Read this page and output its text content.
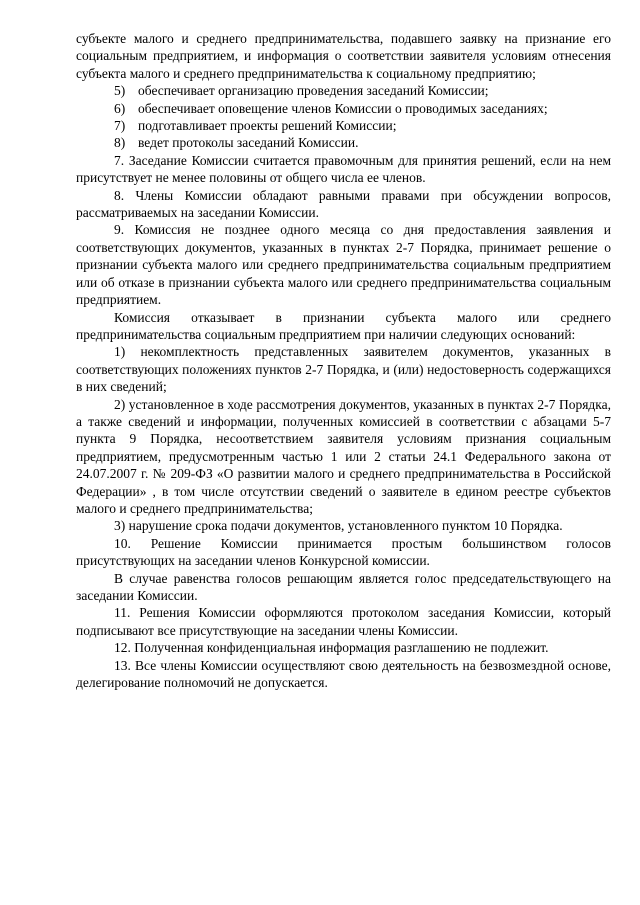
субъекте малого и среднего предпринимательства, подавшего заявку на признание его социальным предприятием, и информация о соответствии заявителя условиям отнесения субъекта малого и среднего предпринимательства к социальному предприятию;

5) обеспечивает организацию проведения заседаний Комиссии;
6) обеспечивает оповещение членов Комиссии о проводимых заседаниях;
7) подготавливает проекты решений Комиссии;
8) ведет протоколы заседаний Комиссии.

7. Заседание Комиссии считается правомочным для принятия решений, если на нем присутствует не менее половины от общего числа ее членов.

8. Члены Комиссии обладают равными правами при обсуждении вопросов, рассматриваемых на заседании Комиссии.

9. Комиссия не позднее одного месяца со дня предоставления заявления и соответствующих документов, указанных в пунктах 2-7 Порядка, принимает решение о признании субъекта малого или среднего предпринимательства социальным предприятием или об отказе в признании субъекта малого или среднего предпринимательства социальным предприятием.

Комиссия отказывает в признании субъекта малого или среднего предпринимательства социальным предприятием при наличии следующих оснований:

1) некомплектность представленных заявителем документов, указанных в соответствующих положениях пунктов 2-7 Порядка, и (или) недостоверность содержащихся в них сведений;

2) установленное в ходе рассмотрения документов, указанных в пунктах 2-7 Порядка, а также сведений и информации, полученных комиссией в соответствии с абзацами 5-7 пункта 9 Порядка, несоответствием заявителя условиям признания социальным предприятием, предусмотренным частью 1 или 2 статьи 24.1 Федерального закона от 24.07.2007 г. № 209-ФЗ «О развитии малого и среднего предпринимательства в Российской Федерации» , в том числе отсутствии сведений о заявителе в едином реестре субъектов малого и среднего предпринимательства;

3) нарушение срока подачи документов, установленного пунктом 10 Порядка.

10. Решение Комиссии принимается простым большинством голосов присутствующих на заседании членов Конкурсной комиссии.

В случае равенства голосов решающим является голос председательствующего на заседании Комиссии.

11. Решения Комиссии оформляются протоколом заседания Комиссии, который подписывают все присутствующие на заседании члены Комиссии.

12. Полученная конфиденциальная информация разглашению не подлежит.

13. Все члены Комиссии осуществляют свою деятельность на безвозмездной основе, делегирование полномочий не допускается.
